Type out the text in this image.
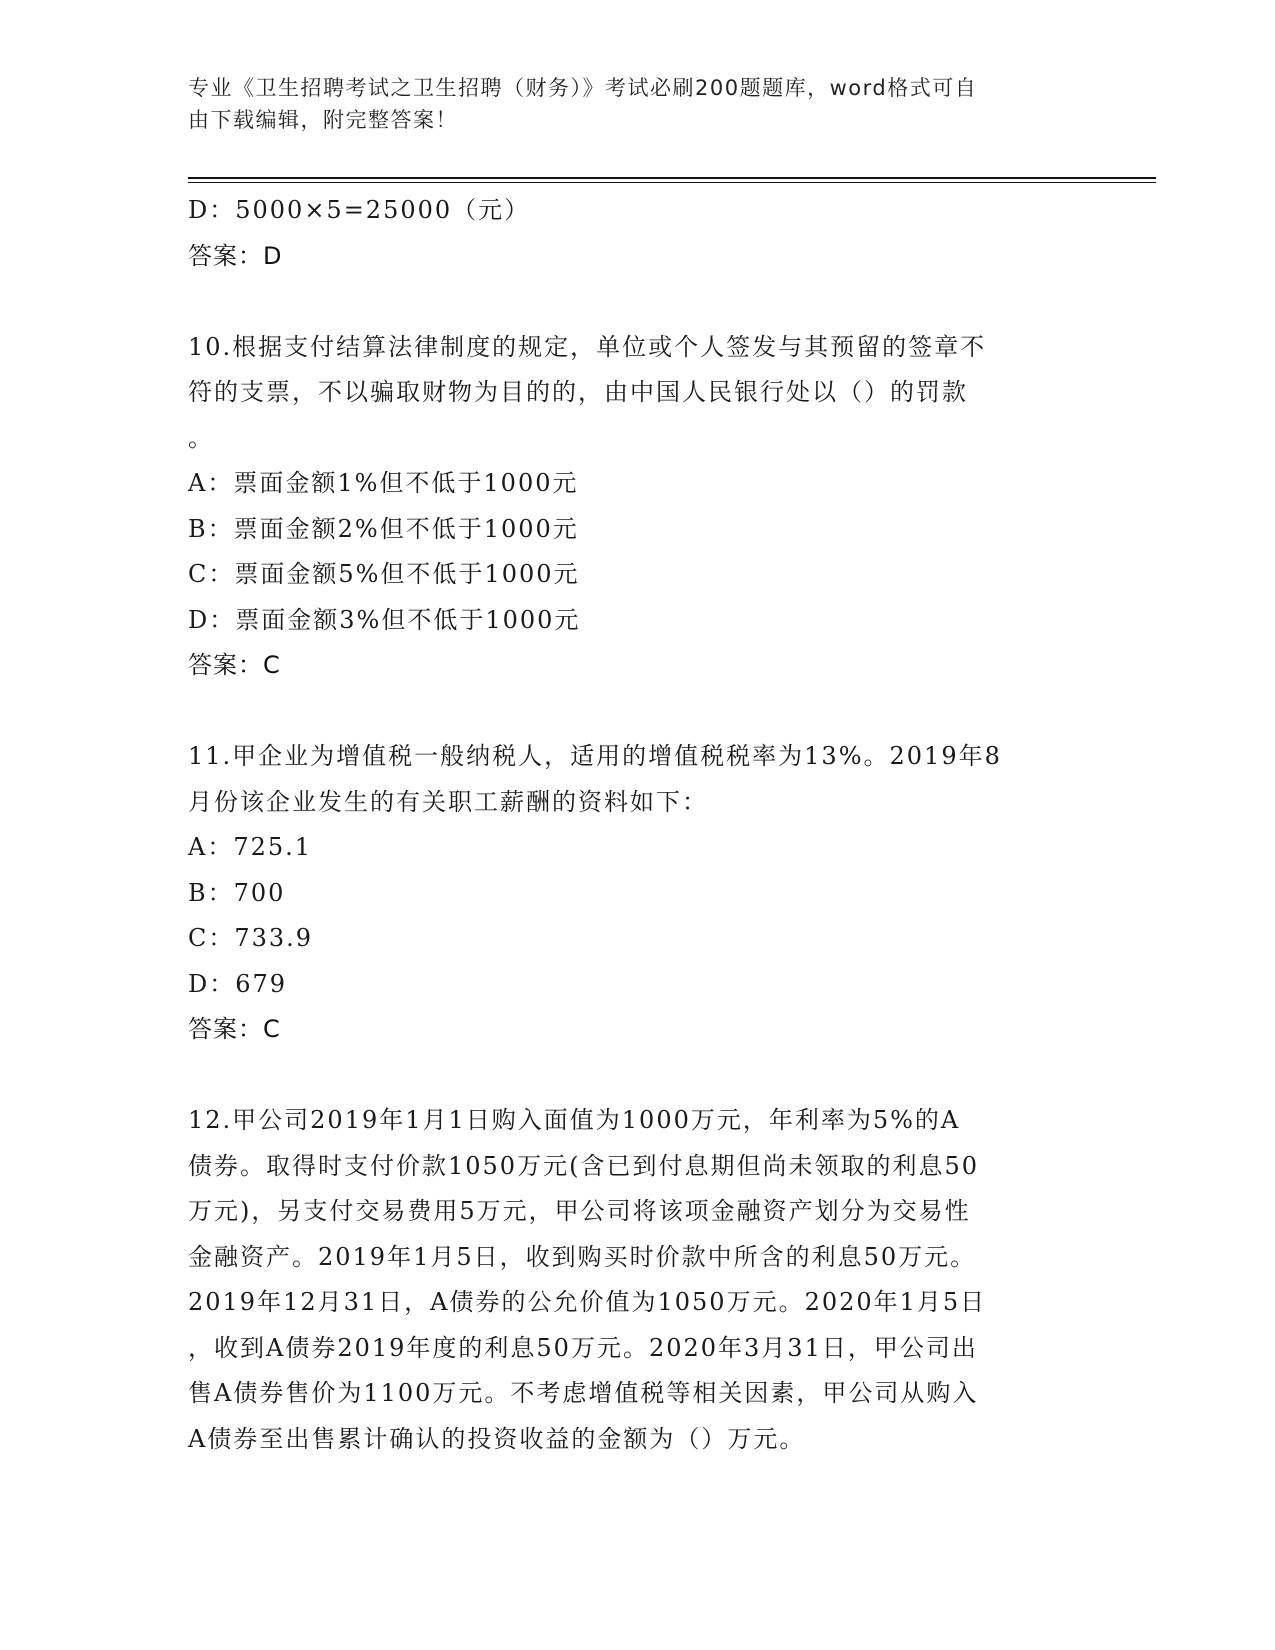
专业《卫生招聘考试之卫生招聘（财务）》考试必刷200题题库，word格式可自
由下载编辑，附完整答案！
D：5000×5=25000（元）
答案：D
10.根据支付结算法律制度的规定，单位或个人签发与其预留的签章不
符的支票，不以骗取财物为目的的，由中国人民银行处以（）的罚款
。
A：票面金额1%但不低于1000元
B：票面金额2%但不低于1000元
C：票面金额5%但不低于1000元
D：票面金额3%但不低于1000元
答案：C
11.甲企业为增值税一般纳税人，适用的增值税税率为13%。2019年8
月份该企业发生的有关职工薪酬的资料如下：
A：725.1
B：700
C：733.9
D：679
答案：C
12.甲公司2019年1月1日购入面值为1000万元，年利率为5%的A
债券。取得时支付价款1050万元(含已到付息期但尚未领取的利息50
万元)，另支付交易费用5万元，甲公司将该项金融资产划分为交易性
金融资产。2019年1月5日，收到购买时价款中所含的利息50万元。
2019年12月31日，A债券的公允价值为1050万元。2020年1月5日
，收到A债券2019年度的利息50万元。2020年3月31日，甲公司出
售A债券售价为1100万元。不考虑增值税等相关因素，甲公司从购入
A债券至出售累计确认的投资收益的金额为（）万元。
